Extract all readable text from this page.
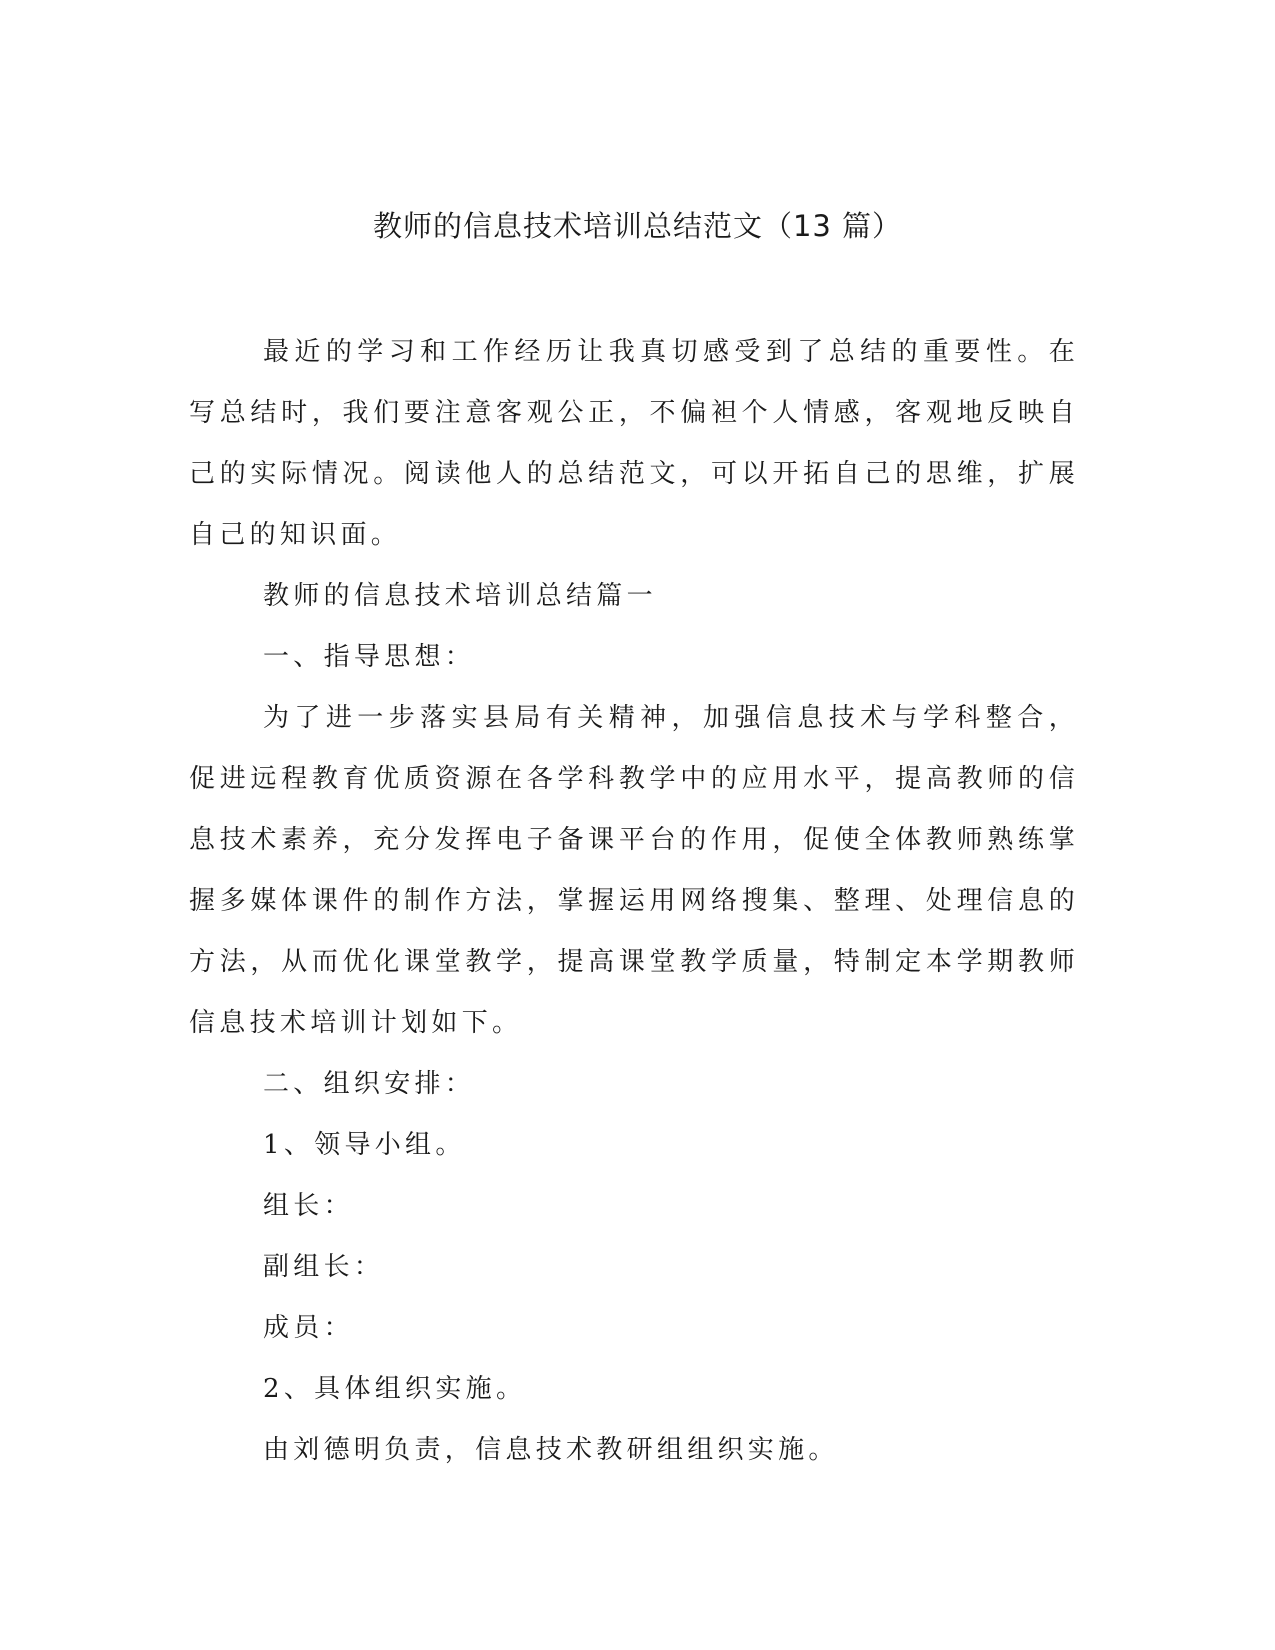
教师的信息技术培训总结范文（13 篇）

最近的学习和工作经历让我真切感受到了总结的重要性。在写总结时，我们要注意客观公正，不偏袒个人情感，客观地反映自己的实际情况。阅读他人的总结范文，可以开拓自己的思维，扩展自己的知识面。

教师的信息技术培训总结篇一

一、指导思想：

为了进一步落实县局有关精神，加强信息技术与学科整合，促进远程教育优质资源在各学科教学中的应用水平，提高教师的信息技术素养，充分发挥电子备课平台的作用，促使全体教师熟练掌握多媒体课件的制作方法，掌握运用网络搜集、整理、处理信息的方法，从而优化课堂教学，提高课堂教学质量，特制定本学期教师信息技术培训计划如下。

二、组织安排：

1、领导小组。

组长：

副组长：

成员：

2、具体组织实施。

由刘德明负责，信息技术教研组组织实施。
